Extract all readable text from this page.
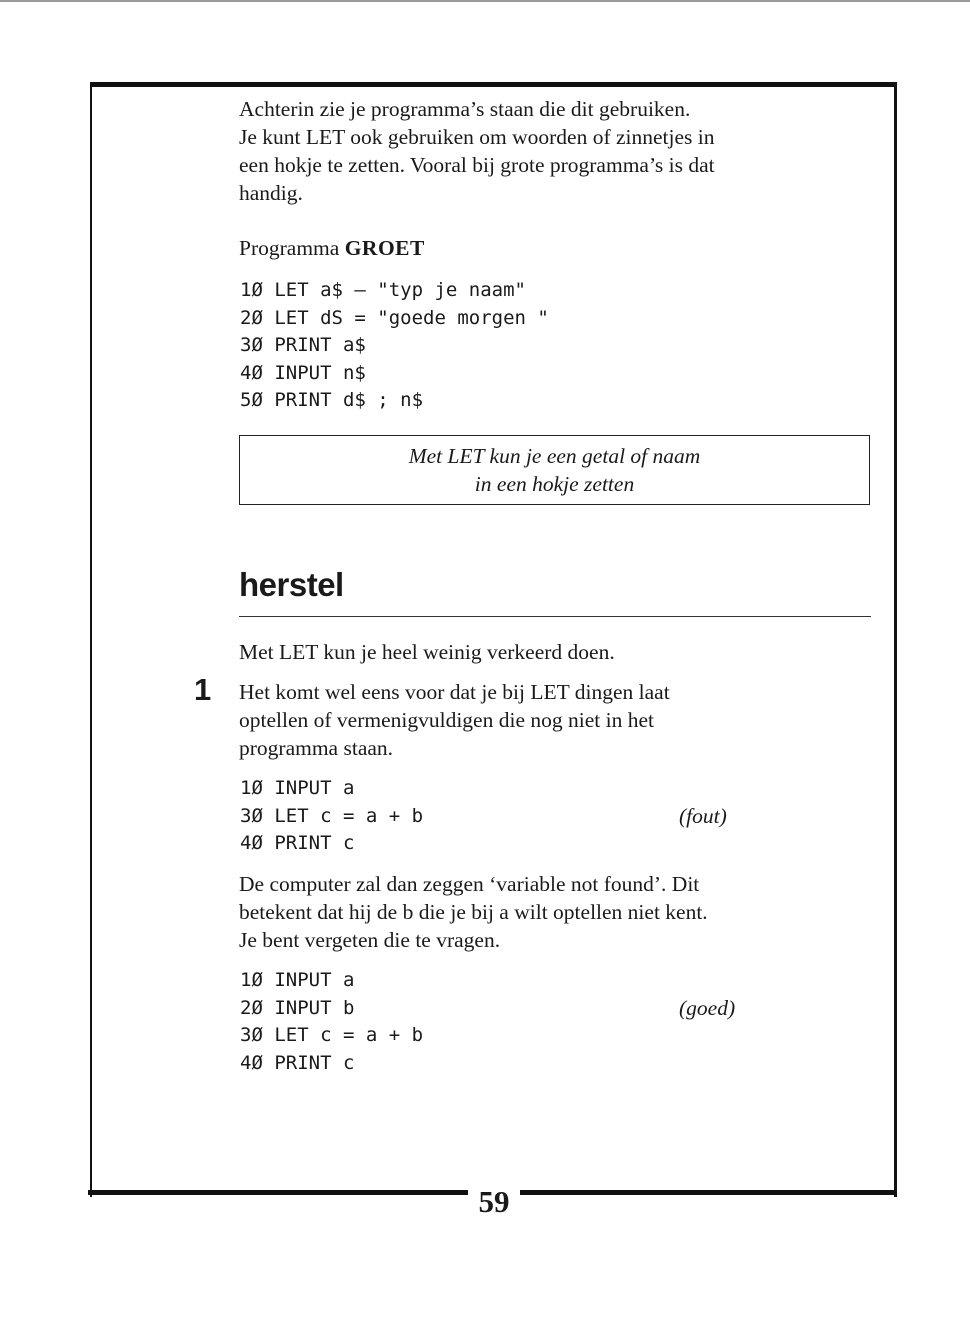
59

Achterin zie je programma’s staan die dit gebruiken.
Je kunt LET ook gebruiken om woorden of zinnetjes in
een hokje te zetten. Vooral bij grote programma’s is dat
handig.

Programma GROET
1Ø LET a$ – "typ je naam"
2Ø LET dS = "goede morgen "
3Ø PRINT a$
4Ø INPUT n$
5Ø PRINT d$ ; n$
Met LET kun je een getal of naam
in een hokje zetten
herstel

Met LET kun je heel weinig verkeerd doen.

1 Het komt wel eens voor dat je bij LET dingen laat
optellen of vermenigvuldigen die nog niet in het
programma staan.

1Ø INPUT a
3Ø LET c = a + b
4Ø PRINT c
(fout)

De computer zal dan zeggen ‘variable not found’. Dit
betekent dat hij de b die je bij a wilt optellen niet kent.
Je bent vergeten die te vragen.

1Ø INPUT a
2Ø INPUT b
3Ø LET c = a + b
4Ø PRINT c
(goed)
